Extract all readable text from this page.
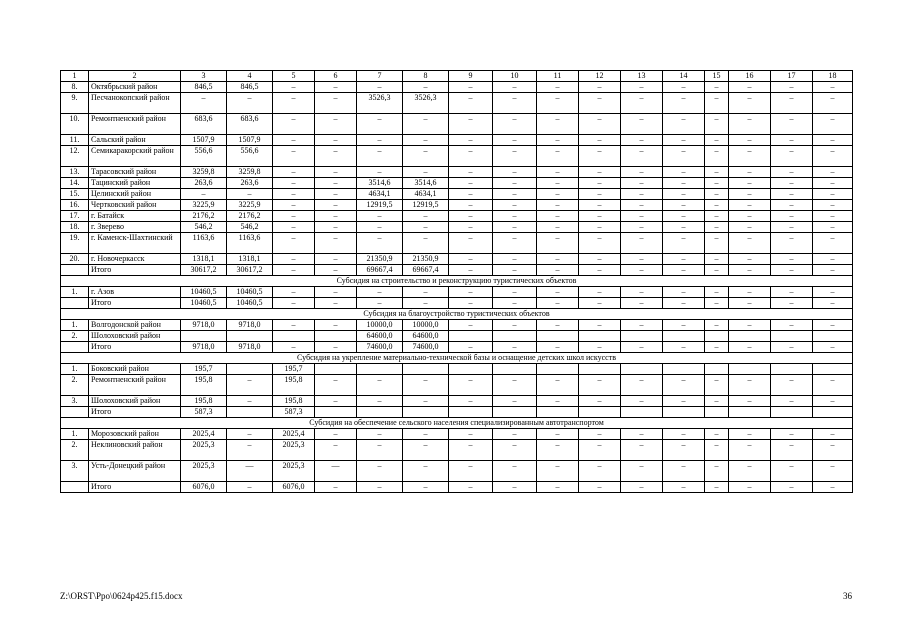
1	2	3	4	5	6	7	8	9	10	11	12	13	14	15	16	17	18
8.	Октябрьский район	846,5	846,5	–	–	–	–	–	–	–	–	–	–	–	–	–	–
9.	Песчанокопский район	–	–	–	–	3526,3	3526,3	–	–	–	–	–	–	–	–	–	–
10.	Ремонтненский район	683,6	683,6	–	–	–	–	–	–	–	–	–	–	–	–	–	–
11.	Сальский район	1507,9	1507,9	–	–	–	–	–	–	–	–	–	–	–	–	–	–
12.	Семикаракорский район	556,6	556,6	–	–	–	–	–	–	–	–	–	–	–	–	–	–
13.	Тарасовский район	3259,8	3259,8	–	–	–	–	–	–	–	–	–	–	–	–	–	–
14.	Тацинский район	263,6	263,6	–	–	3514,6	3514,6	–	–	–	–	–	–	–	–	–	–
15.	Целинский район	–	–	–	–	4634,1	4634,1	–	–	–	–	–	–	–	–	–	–
16.	Чертковский район	3225,9	3225,9	–	–	12919,5	12919,5	–	–	–	–	–	–	–	–	–	–
17.	г. Батайск	2176,2	2176,2	–	–	–	–	–	–	–	–	–	–	–	–	–	–
18.	г. Зверево	546,2	546,2	–	–	–	–	–	–	–	–	–	–	–	–	–	–
19.	г. Каменск-Шахтинский	1163,6	1163,6	–	–	–	–	–	–	–	–	–	–	–	–	–	–
20.	г. Новочеркасск	1318,1	1318,1	–	–	21350,9	21350,9	–	–	–	–	–	–	–	–	–	–
	Итого	30617,2	30617,2	–	–	69667,4	69667,4	–	–	–	–	–	–	–	–	–	–
Субсидия на строительство и реконструкцию туристических объектов																	
1.	г. Азов	10460,5	10460,5	–	–	–	–	–	–	–	–	–	–	–	–	–	–
	Итого	10460,5	10460,5	–	–	–	–	–	–	–	–	–	–	–	–	–	–
Субсидия на благоустройство туристических объектов																	
1.	Волгодонской район	9718,0	9718,0	–	–	10000,0	10000,0	–	–	–	–	–	–	–	–	–	–
2.	Шолоховский район					64600,0	64600,0										
	Итого	9718,0	9718,0	–	–	74600,0	74600,0	–	–	–	–	–	–	–	–	–	–
Субсидия на укрепление материально-технической базы и оснащение детских школ искусств																	
1.	Боковский район	195,7		195,7													
2.	Ремонтненский район	195,8	–	195,8	–	–	–	–	–	–	–	–	–	–	–	–	–
3.	Шолоховский район	195,8	–	195,8	–	–	–	–	–	–	–	–	–	–	–	–	–
	Итого	587,3		587,3													
Субсидия на обеспечение сельского населения специализированным автотранспортом																	
1.	Морозовский район	2025,4	–	2025,4	–	–	–	–	–	–	–	–	–	–	–	–	–
2.	Неклиновский район	2025,3	–	2025,3	–	–	–	–	–	–	–	–	–	–	–	–	–
3.	Усть-Донецкий район	2025,3	—	2025,3	—	–	–	–	–	–	–	–	–	–	–	–	–
	Итого	6076,0	–	6076,0	–	–	–	–	–	–	–	–	–	–	–	–	–
Z:\ORST\Ppo\0624p425.f15.docx	36
